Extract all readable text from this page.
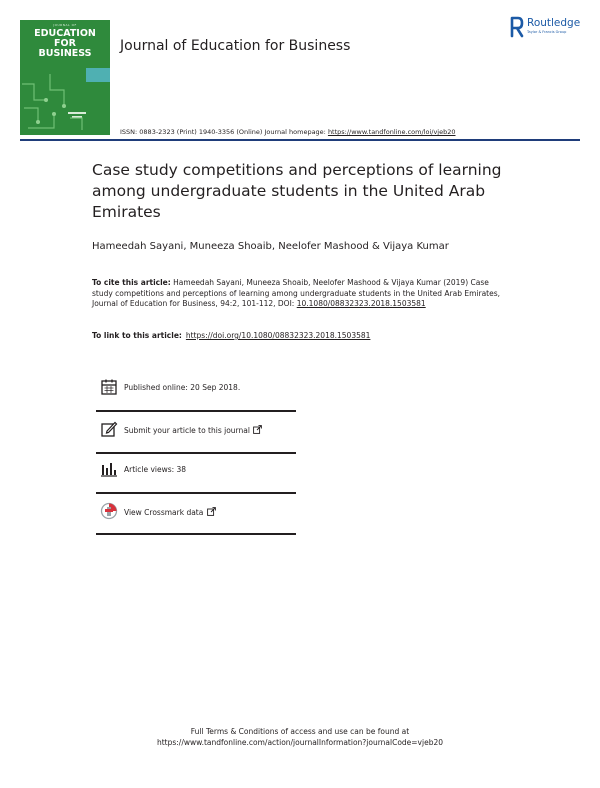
JOURNAL OF
EDUCATION
FOR
BUSINESS	Journal of Education for Business
Routledge
Taylor & Francis Group
ISSN: 0883-2323 (Print) 1940-3356 (Online) Journal homepage: https://www.tandfonline.com/loi/vjeb20
Case study competitions and perceptions of learning among undergraduate students in the United Arab Emirates
Hameedah Sayani, Muneeza Shoaib, Neelofer Mashood & Vijaya Kumar
To cite this article: Hameedah Sayani, Muneeza Shoaib, Neelofer Mashood & Vijaya Kumar (2019) Case study competitions and perceptions of learning among undergraduate students in the United Arab Emirates, Journal of Education for Business, 94:2, 101-112, DOI: 10.1080/08832323.2018.1503581
To link to this article: https://doi.org/10.1080/08832323.2018.1503581
Published online: 20 Sep 2018.
Submit your article to this journal
Article views: 38
View Crossmark data
Full Terms & Conditions of access and use can be found at
https://www.tandfonline.com/action/journalInformation?journalCode=vjeb20
